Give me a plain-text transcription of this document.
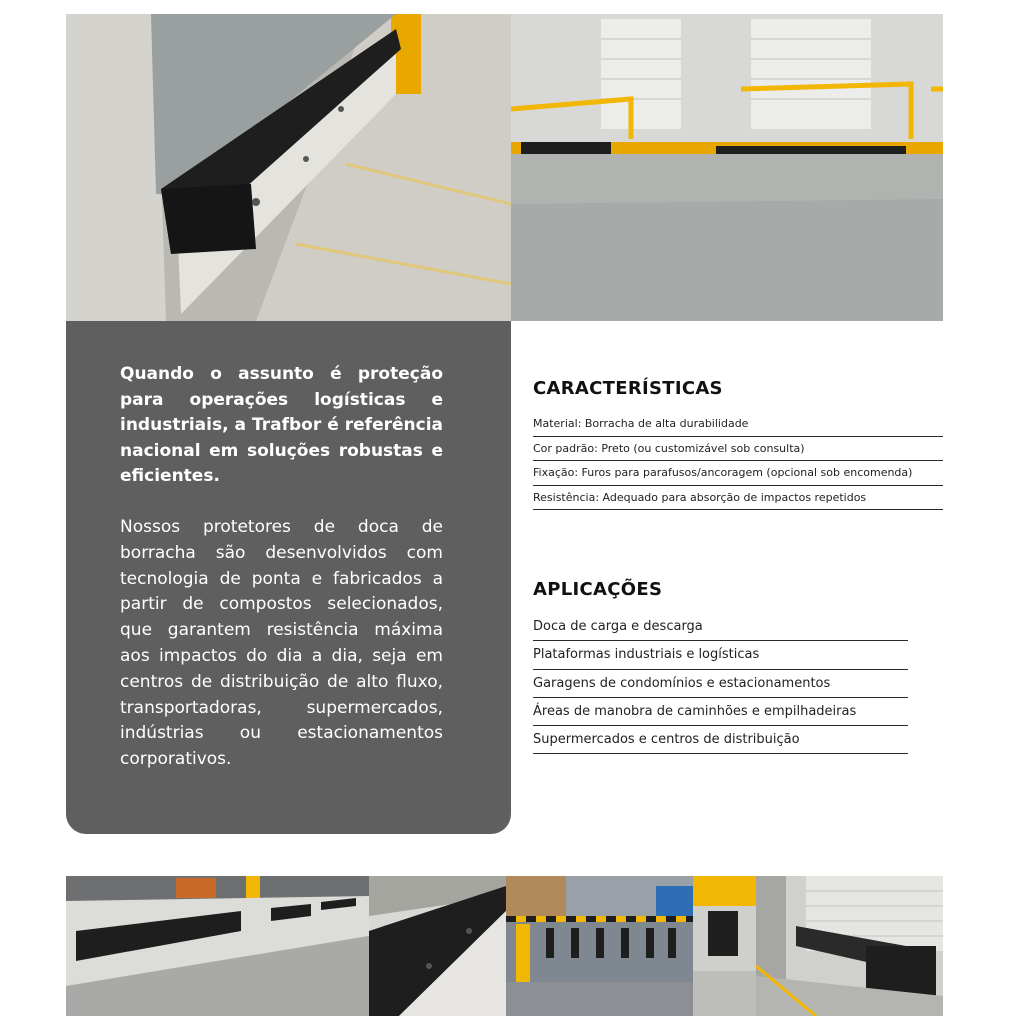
Quando o assunto é proteção para operações logísticas e industriais, a Trafbor é referência nacional em soluções robustas e eficientes.

Nossos protetores de doca de borracha são desenvolvidos com tecnologia de ponta e fabricados a partir de compostos selecionados, que garantem resistência máxima aos impactos do dia a dia, seja em centros de distribuição de alto fluxo, transportadoras, supermercados, indústrias ou estacionamentos corporativos.

CARACTERÍSTICAS
Material: Borracha de alta durabilidade
Cor padrão: Preto (ou customizável sob consulta)
Fixação: Furos para parafusos/ancoragem (opcional sob encomenda)
Resistência: Adequado para absorção de impactos repetidos
APLICAÇÕES
Doca de carga e descarga
Plataformas industriais e logísticas
Garagens de condomínios e estacionamentos
Áreas de manobra de caminhões e empilhadeiras
Supermercados e centros de distribuição
